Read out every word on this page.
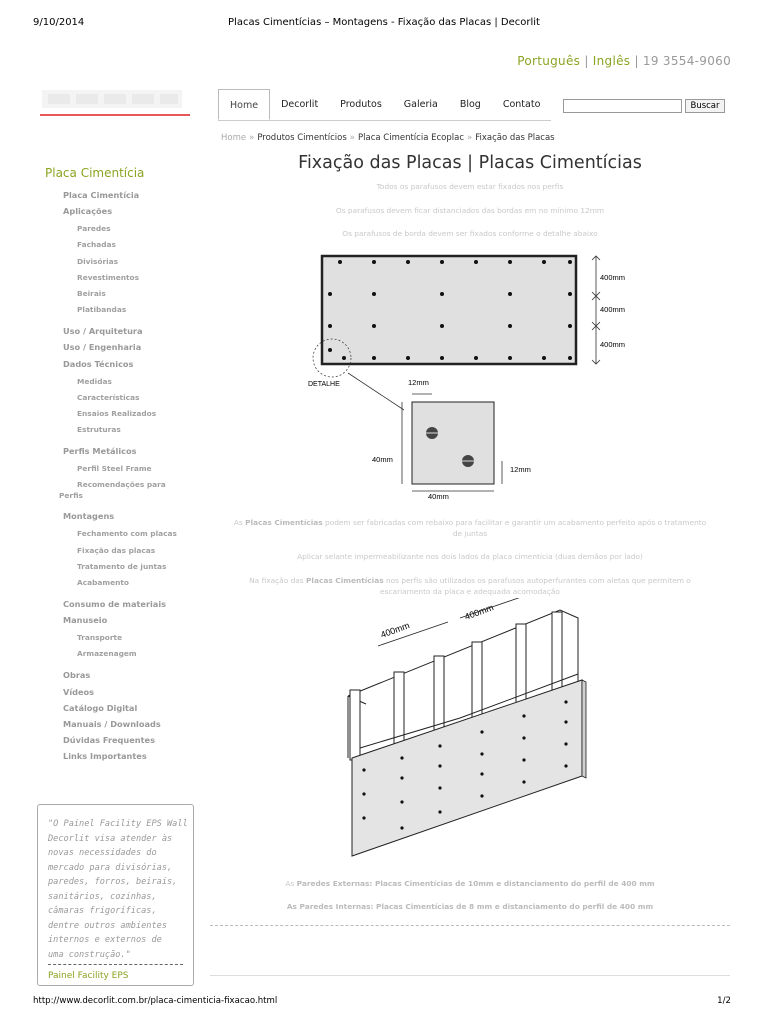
9/10/2014	Placas Cimentícias – Montagens - Fixação das Placas | Decorlit
Português | Inglês | 19 3554-9060
Home	Decorlit	Produtos	Galeria	Blog	Contato	Buscar
Home » Produtos Cimentícios » Placa Cimentícia Ecoplac » Fixação das Placas
Placa Cimentícia
Placa Cimentícia
Aplicações
Paredes
Fachadas
Divisórias
Revestimentos
Beirais
Platibandas
Uso / Arquitetura
Uso / Engenharia
Dados Técnicos
Medidas
Características
Ensaios Realizados
Estruturas
Perfis Metálicos
Perfil Steel Frame
Recomendações para
Perfis
Montagens
Fechamento com placas
Fixação das placas
Tratamento de juntas
Acabamento
Consumo de materiais
Manuseio
Transporte
Armazenagem
Obras
Vídeos
Catálogo Digital
Manuais / Downloads
Dúvidas Frequentes
Links Importantes
"O Painel Facility EPS Wall
Decorlit visa atender às
novas necessidades do
mercado para divisórias,
paredes, forros, beirais,
sanitários, cozinhas,
câmaras frigoríficas,
dentre outros ambientes
internos e externos de
uma construção."
Painel Facility EPS
Fixação das Placas | Placas Cimentícias
Todos os parafusos devem estar fixados nos perfis
Os parafusos devem ficar distanciados das bordas em no mínimo 12mm
Os parafusos de borda devem ser fixados conforme o detalhe abaixo
400mm
400mm
400mm
DETALHE	12mm
40mm
12mm
40mm
As Placas Cimentícias podem ser fabricadas com rebaixo para facilitar e garantir um acabamento perfeito após o tratamento
de juntas
Aplicar selante impermeabilizante nos dois lados da placa cimentícia (duas demãos por lado)
Na fixação das Placas Cimentícias nos perfis são utilizados os parafusos autoperfurantes com aletas que permitem o
escariamento da placa e adequada acomodação
400mm
400mm
As Paredes Externas: Placas Cimentícias de 10mm e distanciamento do perfil de 400 mm
As Paredes Internas: Placas Cimentícias de 8 mm e distanciamento do perfil de 400 mm
http://www.decorlit.com.br/placa-cimenticia-fixacao.html	1/2
